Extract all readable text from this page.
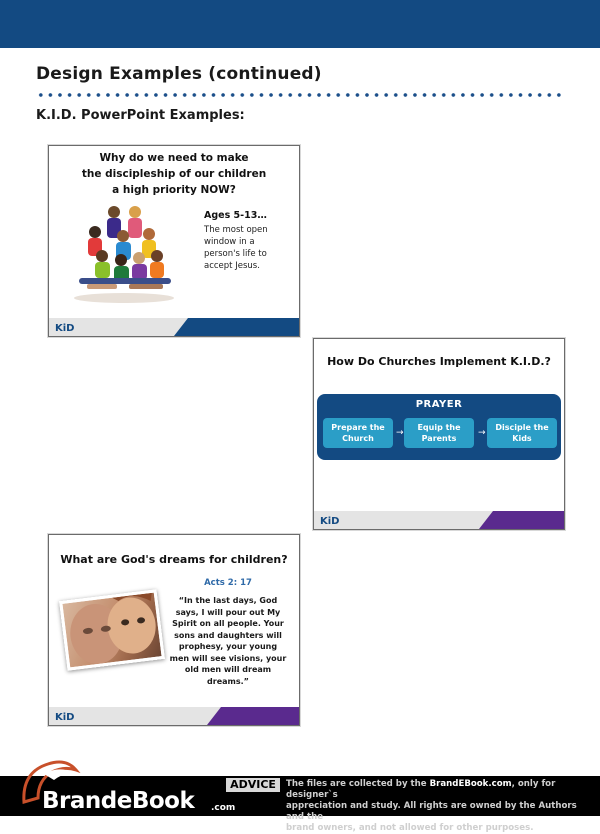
Design Examples (continued)
K.I.D. PowerPoint Examples:
Why do we need to make
the discipleship of our children
a high priority NOW?
Ages 5-13…
The most open
window in a
person's life to
accept Jesus.
KiD
How Do Churches Implement K.I.D.?
PRAYER
Prepare the
Church
→
Equip the
Parents
→
Disciple the
Kids
KiD
What are God's dreams for children?
Acts 2: 17
“In the last days, God
says, I will pour out My
Spirit on all people. Your
sons and daughters will
prophesy, your young
men will see visions, your
old men will dream
dreams.”
KiD
BrandeBook .com
ADVICE	The files are collected by the BrandEBook.com, only for designer`s
appreciation and study. All rights are owned by the Authors and the
brand owners, and not allowed for other purposes.
